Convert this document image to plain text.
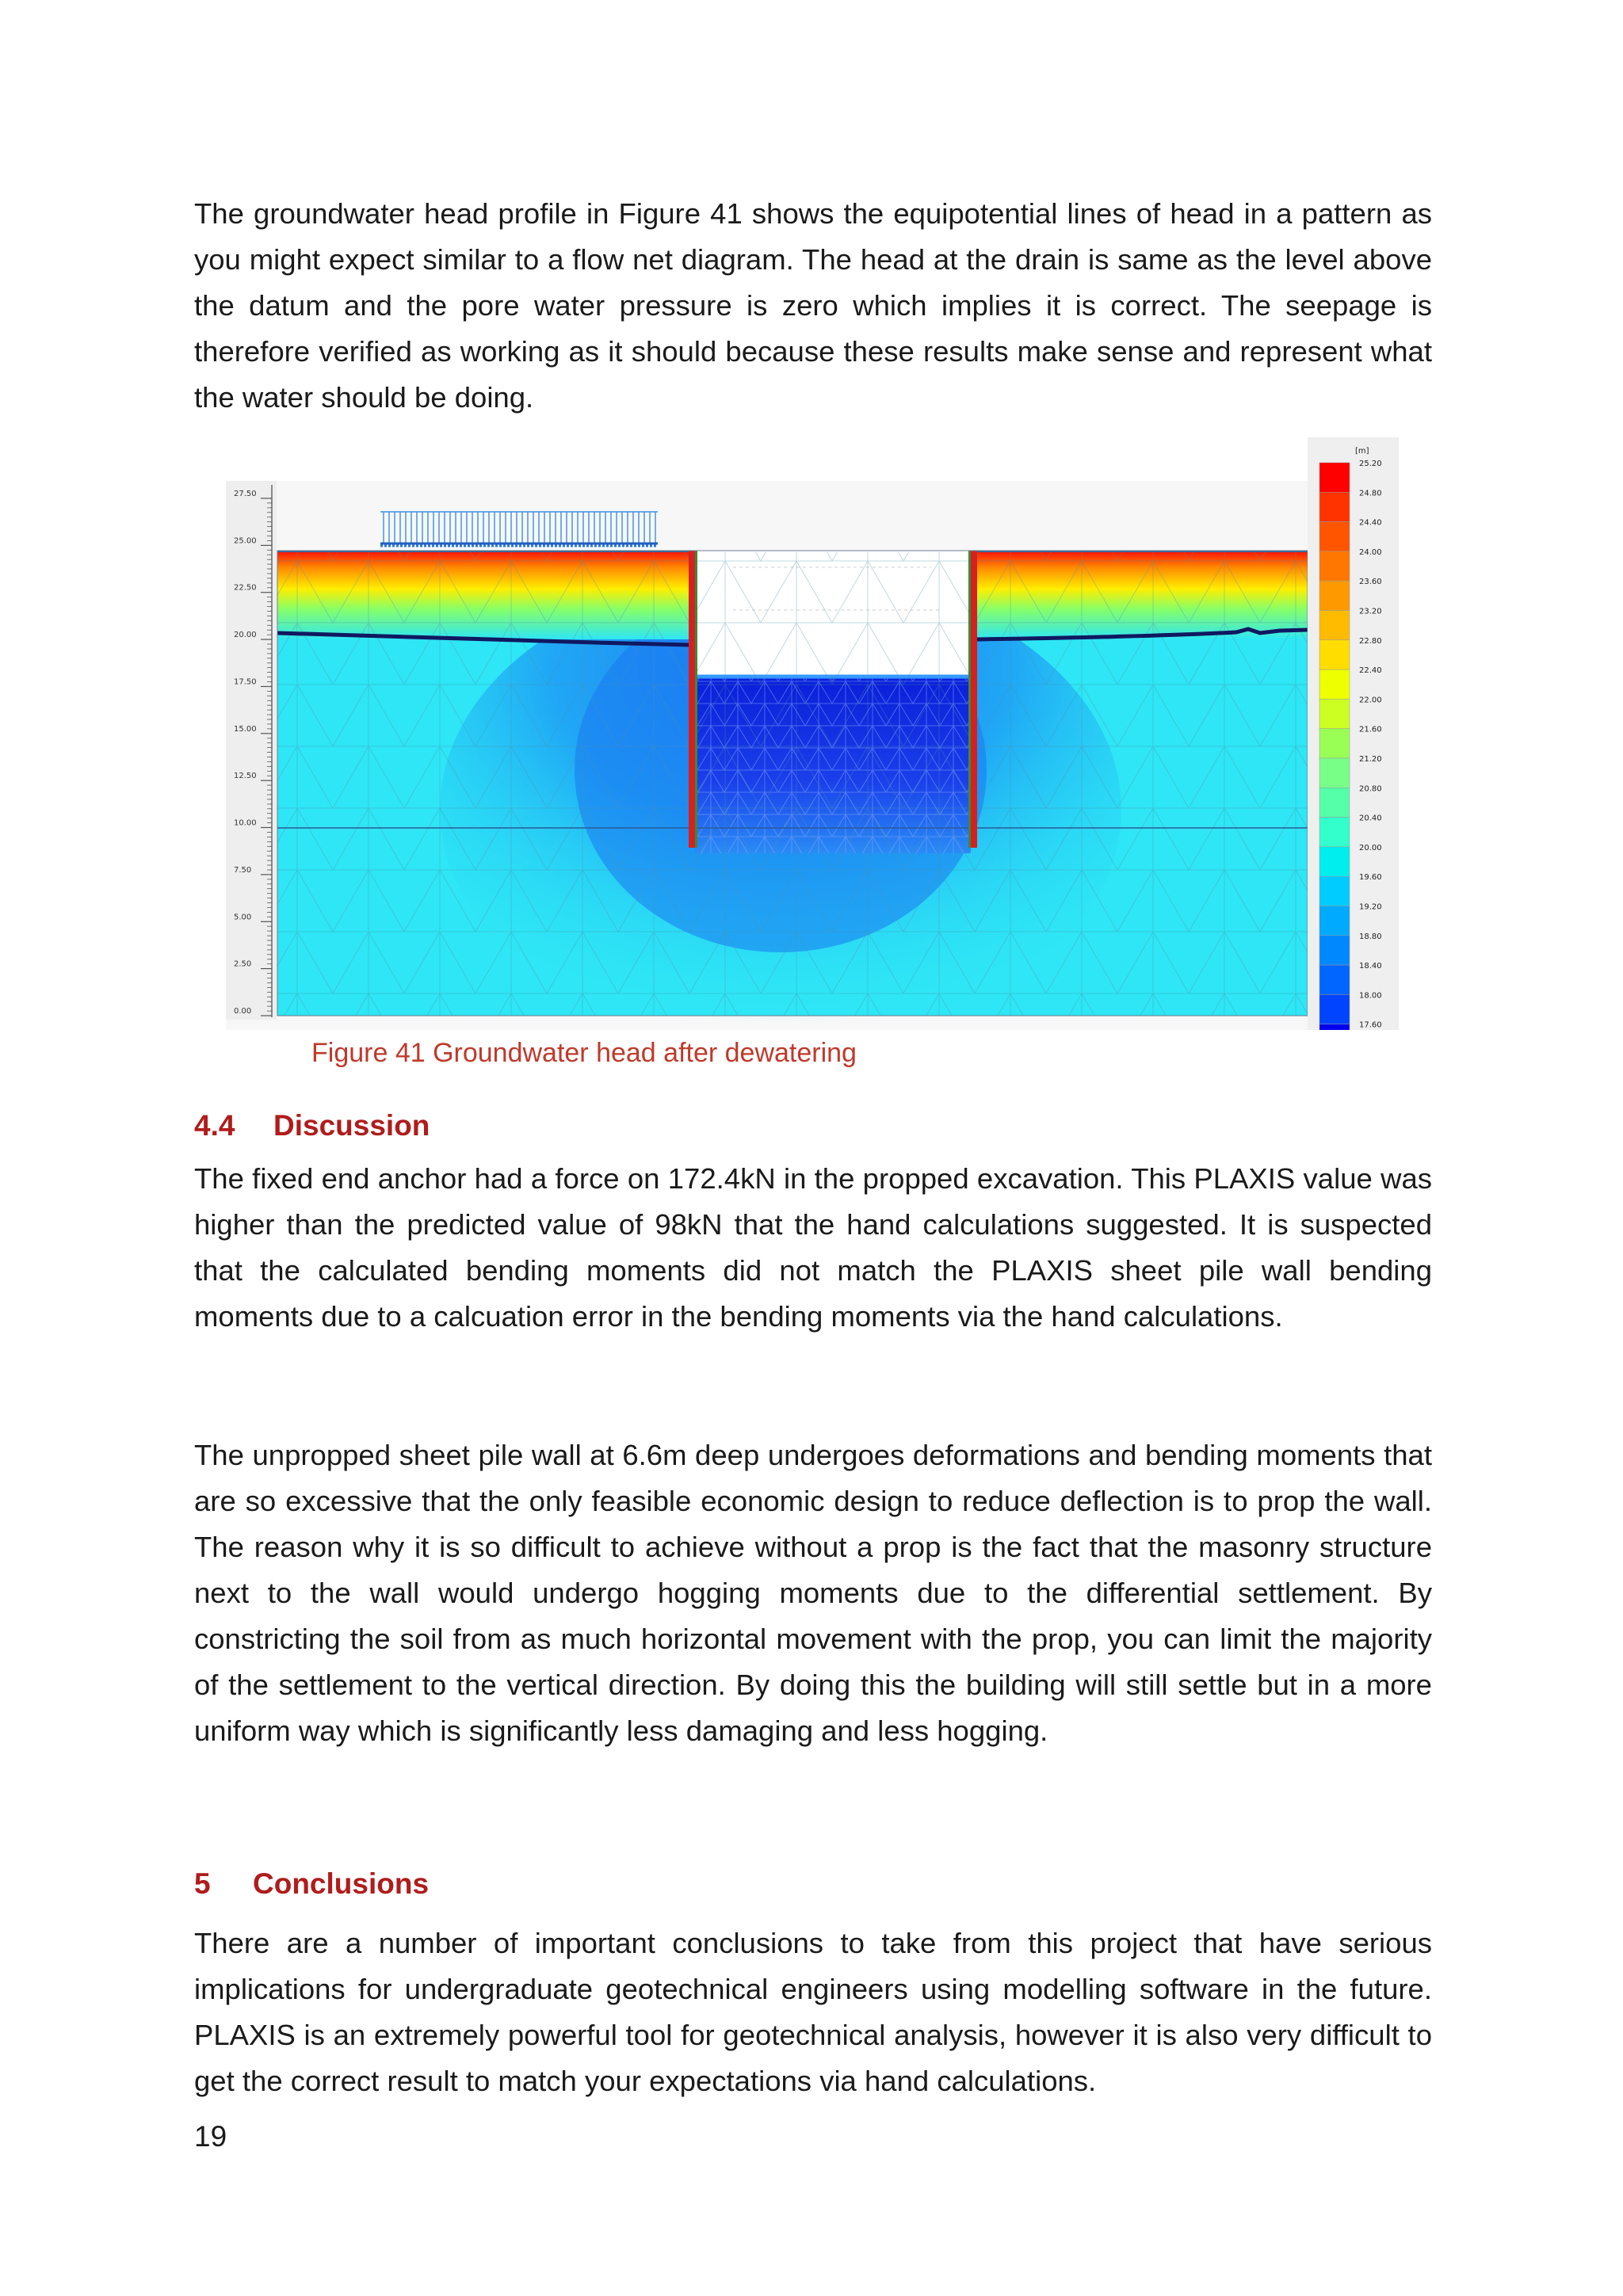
The groundwater head profile in Figure 41 shows the equipotential lines of head in a pattern as you might expect similar to a flow net diagram. The head at the drain is same as the level above the datum and the pore water pressure is zero which implies it is correct. The seepage is therefore verified as working as it should because these results make sense and represent what the water should be doing.

27.50
25.00
22.50
20.00
17.50
15.00
12.50
10.00
7.50
5.00
2.50
0.00
[m]
25.20
24.80
24.40
24.00
23.60
23.20
22.80
22.40
22.00
21.60
21.20
20.80
20.40
20.00
19.60
19.20
18.80
18.40
18.00
17.60

Figure 41 Groundwater head after dewatering

4.4 Discussion

The fixed end anchor had a force on 172.4kN in the propped excavation. This PLAXIS value was higher than the predicted value of 98kN that the hand calculations suggested. It is suspected that the calculated bending moments did not match the PLAXIS sheet pile wall bending moments due to a calcuation error in the bending moments via the hand calculations.

The unpropped sheet pile wall at 6.6m deep undergoes deformations and bending moments that are so excessive that the only feasible economic design to reduce deflection is to prop the wall. The reason why it is so difficult to achieve without a prop is the fact that the masonry structure next to the wall would undergo hogging moments due to the differential settlement. By constricting the soil from as much horizontal movement with the prop, you can limit the majority of the settlement to the vertical direction. By doing this the building will still settle but in a more uniform way which is significantly less damaging and less hogging.

5 Conclusions

There are a number of important conclusions to take from this project that have serious implications for undergraduate geotechnical engineers using modelling software in the future. PLAXIS is an extremely powerful tool for geotechnical analysis, however it is also very difficult to get the correct result to match your expectations via hand calculations.

19
